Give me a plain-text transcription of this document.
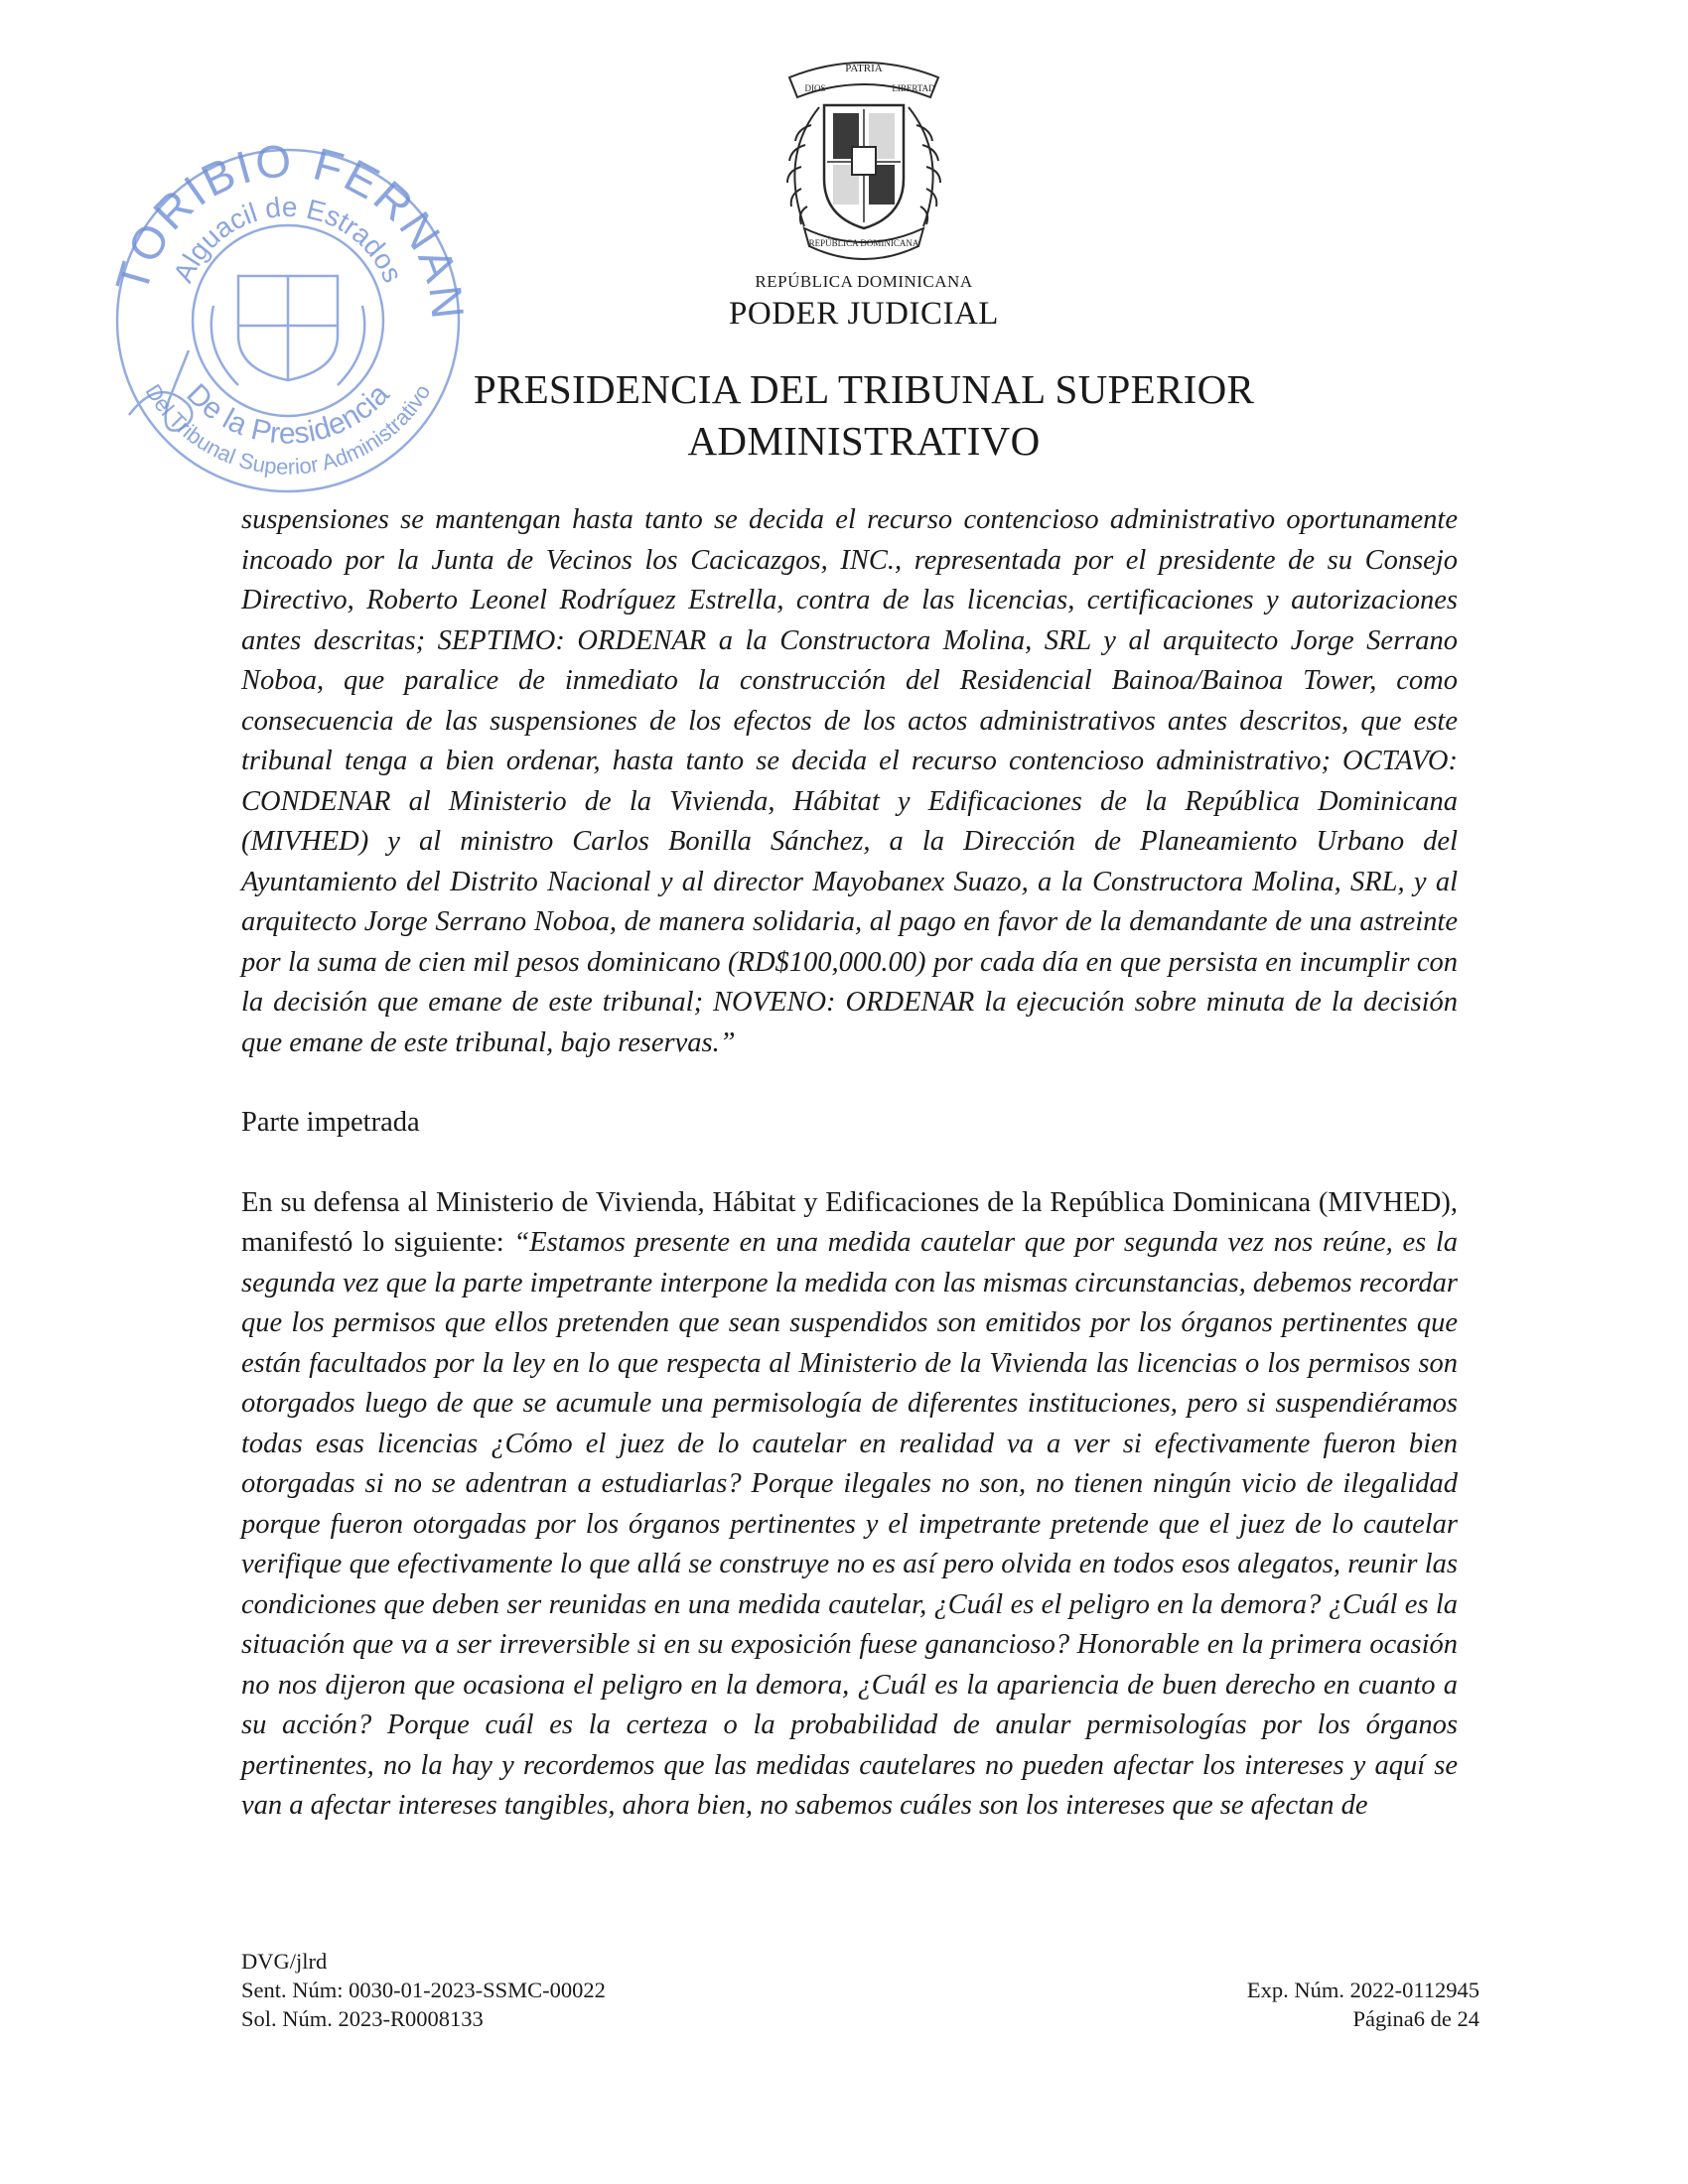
PATRIA
DIOS	LIBERTAD
REPÚBLICA DOMINICANA
REPÚBLICA DOMINICANA
PODER JUDICIAL
PRESIDENCIA DEL TRIBUNAL SUPERIOR
ADMINISTRATIVO
TORIBIO FERNAN
Alguacil de Estrados
De la Presidencia
Del Tribunal Superior Administrativo

suspensiones se mantengan hasta tanto se decida el recurso contencioso administrativo oportunamente incoado por la Junta de Vecinos los Cacicazgos, INC., representada por el presidente de su Consejo Directivo, Roberto Leonel Rodríguez Estrella, contra de las licencias, certificaciones y autorizaciones antes descritas; SEPTIMO: ORDENAR a la Constructora Molina, SRL y al arquitecto Jorge Serrano Noboa, que paralice de inmediato la construcción del Residencial Bainoa/Bainoa Tower, como consecuencia de las suspensiones de los efectos de los actos administrativos antes descritos, que este tribunal tenga a bien ordenar, hasta tanto se decida el recurso contencioso administrativo; OCTAVO: CONDENAR al Ministerio de la Vivienda, Hábitat y Edificaciones de la República Dominicana (MIVHED) y al ministro Carlos Bonilla Sánchez, a la Dirección de Planeamiento Urbano del Ayuntamiento del Distrito Nacional y al director Mayobanex Suazo, a la Constructora Molina, SRL, y al arquitecto Jorge Serrano Noboa, de manera solidaria, al pago en favor de la demandante de una astreinte por la suma de cien mil pesos dominicano (RD$100,000.00) por cada día en que persista en incumplir con la decisión que emane de este tribunal; NOVENO: ORDENAR la ejecución sobre minuta de la decisión que emane de este tribunal, bajo reservas.”

Parte impetrada

En su defensa al Ministerio de Vivienda, Hábitat y Edificaciones de la República Dominicana (MIVHED), manifestó lo siguiente: “Estamos presente en una medida cautelar que por segunda vez nos reúne, es la segunda vez que la parte impetrante interpone la medida con las mismas circunstancias, debemos recordar que los permisos que ellos pretenden que sean suspendidos son emitidos por los órganos pertinentes que están facultados por la ley en lo que respecta al Ministerio de la Vivienda las licencias o los permisos son otorgados luego de que se acumule una permisología de diferentes instituciones, pero si suspendiéramos todas esas licencias ¿Cómo el juez de lo cautelar en realidad va a ver si efectivamente fueron bien otorgadas si no se adentran a estudiarlas? Porque ilegales no son, no tienen ningún vicio de ilegalidad porque fueron otorgadas por los órganos pertinentes y el impetrante pretende que el juez de lo cautelar verifique que efectivamente lo que allá se construye no es así pero olvida en todos esos alegatos, reunir las condiciones que deben ser reunidas en una medida cautelar, ¿Cuál es el peligro en la demora? ¿Cuál es la situación que va a ser irreversible si en su exposición fuese ganancioso? Honorable en la primera ocasión no nos dijeron que ocasiona el peligro en la demora, ¿Cuál es la apariencia de buen derecho en cuanto a su acción? Porque cuál es la certeza o la probabilidad de anular permisologías por los órganos pertinentes, no la hay y recordemos que las medidas cautelares no pueden afectar los intereses y aquí se van a afectar intereses tangibles, ahora bien, no sabemos cuáles son los intereses que se afectan de

DVG/jlrd
Sent. Núm: 0030-01-2023-SSMC-00022
Sol. Núm. 2023-R0008133
Exp. Núm. 2022-0112945
Página6 de 24
